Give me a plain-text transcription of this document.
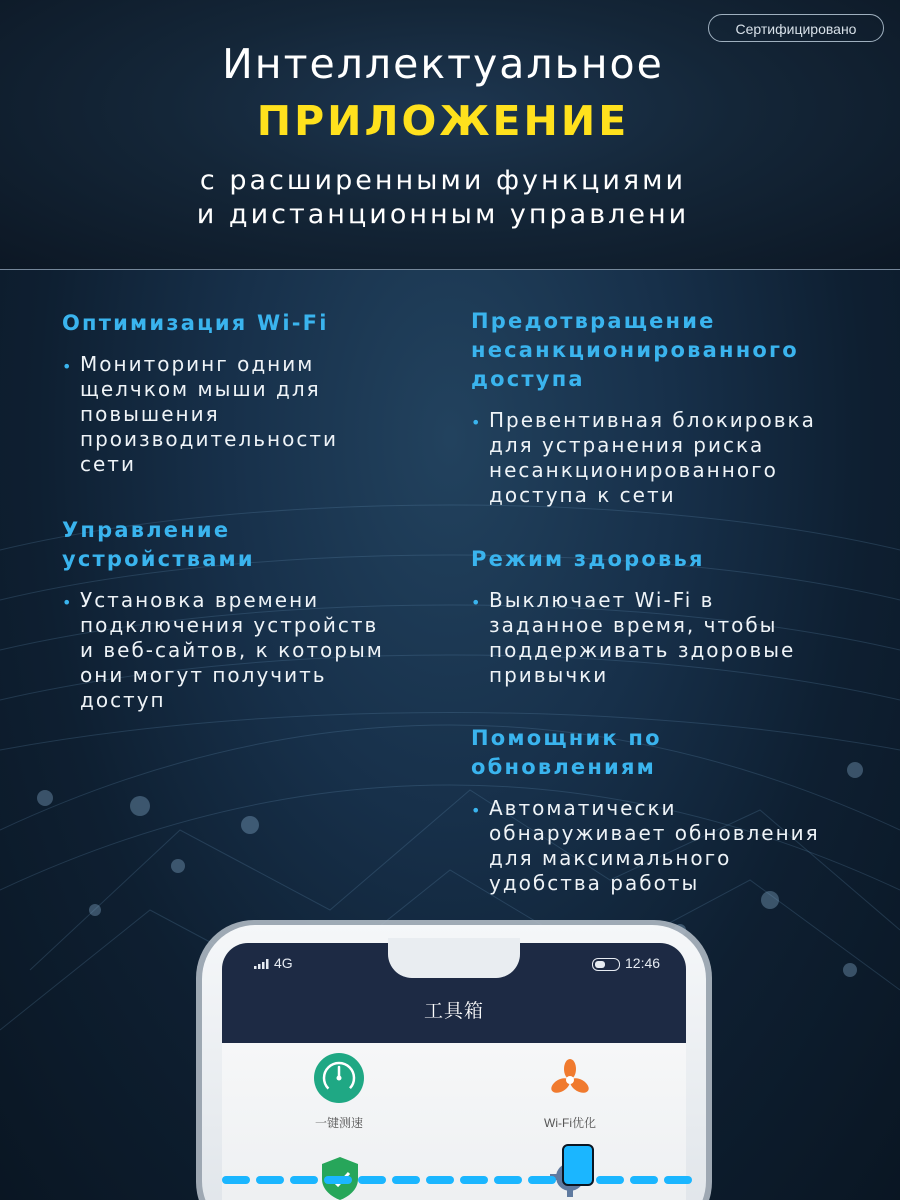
Сертифицировано
Интеллектуальное
ПРИЛОЖЕНИЕ
с расширенными функциями
и дистанционным управлени
Оптимизация Wi-Fi
• Мониторинг одним
щелчком мыши для
повышения
производительности
сети
Управление
устройствами
• Установка времени
подключения устройств
и веб-сайтов, к которым
они могут получить
доступ
Предотвращение
несанкционированного
доступа
• Превентивная блокировка
для устранения риска
несанкционированного
доступа к сети
Режим здоровья
• Выключает Wi-Fi в
заданное время, чтобы
поддерживать здоровые
привычки
Помощник по
обновлениям
• Автоматически
обнаруживает обновления
для максимального
удобства работы
4G	12:46
工具箱
一键测速	Wi-Fi优化
